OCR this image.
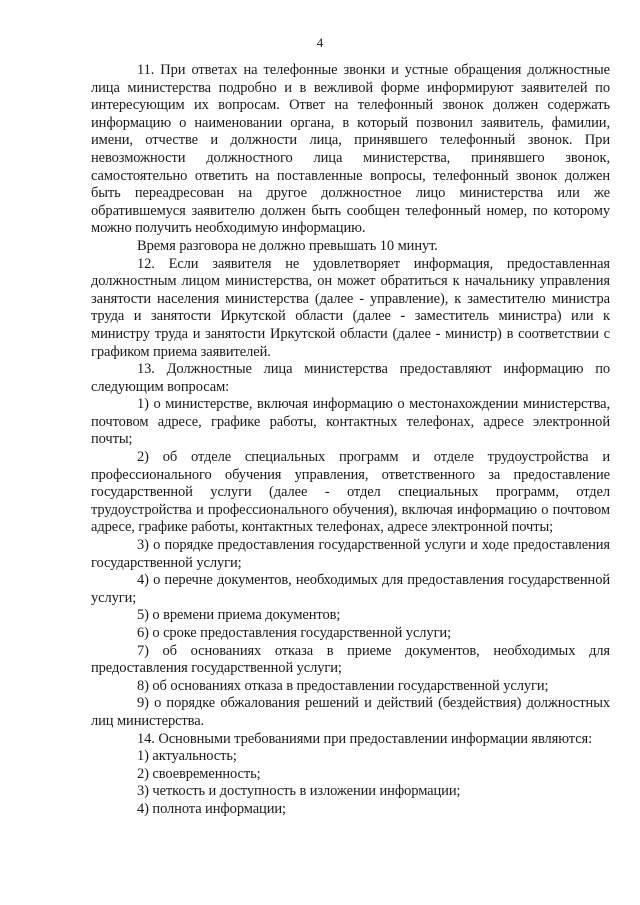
4

11. При ответах на телефонные звонки и устные обращения должностные лица министерства подробно и в вежливой форме информируют заявителей по интересующим их вопросам. Ответ на телефонный звонок должен содержать информацию о наименовании органа, в который позвонил заявитель, фамилии, имени, отчестве и должности лица, принявшего телефонный звонок. При невозможности должностного лица министерства, принявшего звонок, самостоятельно ответить на поставленные вопросы, телефонный звонок должен быть переадресован на другое должностное лицо министерства или же обратившемуся заявителю должен быть сообщен телефонный номер, по которому можно получить необходимую информацию.

Время разговора не должно превышать 10 минут.

12. Если заявителя не удовлетворяет информация, предоставленная должностным лицом министерства, он может обратиться к начальнику управления занятости населения министерства (далее - управление), к заместителю министра труда и занятости Иркутской области (далее - заместитель министра) или к министру труда и занятости Иркутской области (далее - министр) в соответствии с графиком приема заявителей.

13. Должностные лица министерства предоставляют информацию по следующим вопросам:

1) о министерстве, включая информацию о местонахождении министерства, почтовом адресе, графике работы, контактных телефонах, адресе электронной почты;

2) об отделе специальных программ и отделе трудоустройства и профессионального обучения управления, ответственного за предоставление государственной услуги (далее - отдел специальных программ, отдел трудоустройства и профессионального обучения), включая информацию о почтовом адресе, графике работы, контактных телефонах, адресе электронной почты;

3) о порядке предоставления государственной услуги и ходе предоставления государственной услуги;

4) о перечне документов, необходимых для предоставления государственной услуги;

5) о времени приема документов;

6) о сроке предоставления государственной услуги;

7) об основаниях отказа в приеме документов, необходимых для предоставления государственной услуги;

8) об основаниях отказа в предоставлении государственной услуги;

9) о порядке обжалования решений и действий (бездействия) должностных лиц министерства.

14. Основными требованиями при предоставлении информации являются:

1) актуальность;

2) своевременность;

3) четкость и доступность в изложении информации;

4) полнота информации;
